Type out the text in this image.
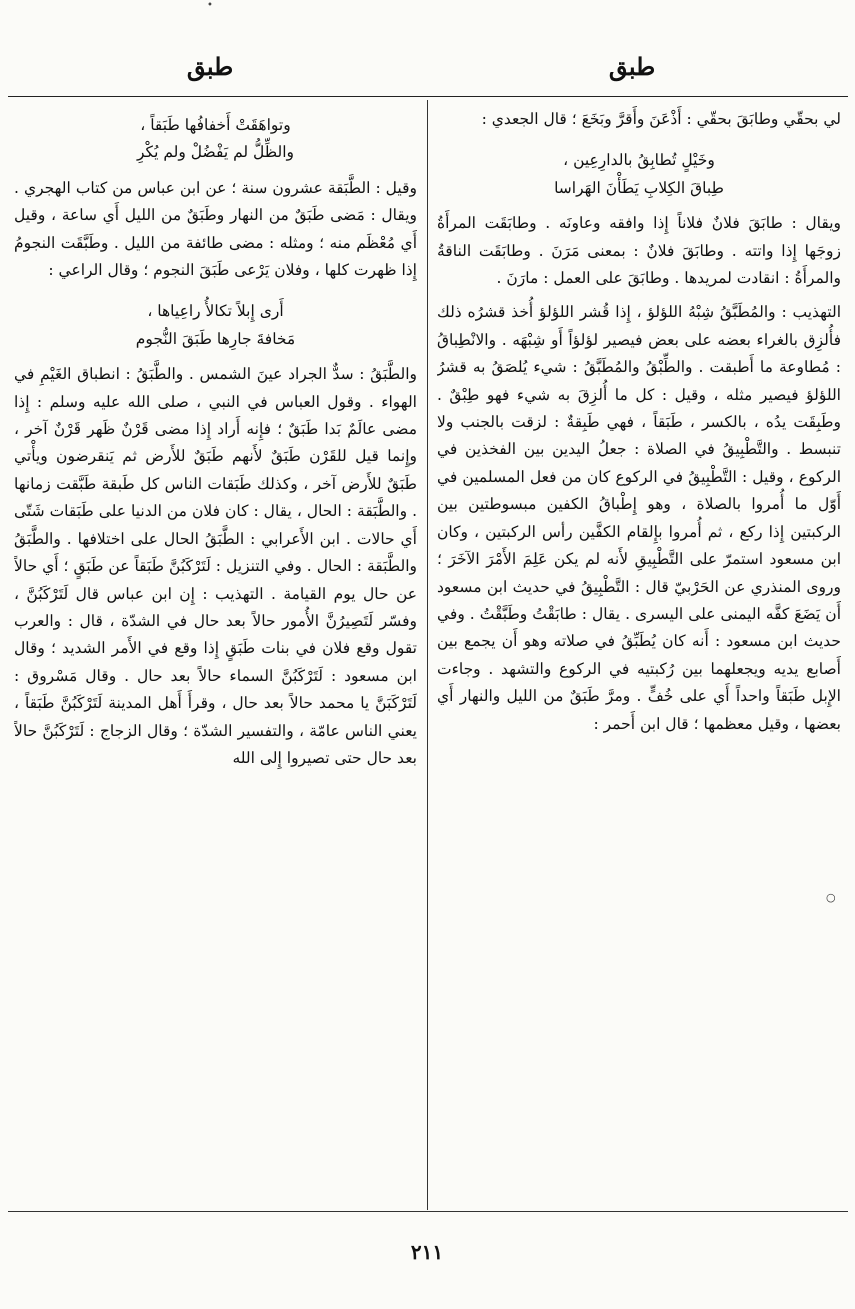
•
طبق
طبق

لي بحقّي وطابَقَ بحقّي : أَذْعَنَ وأَقرَّ وبَخَعَ ؛ قال الجعدي :

وخَيْلٍ تُطابِقُ بالدارِعِين ،
طِباقَ الكِلابِ يَطَأْنَ الهَراسا

ويقال : طابَقَ فلانٌ فلاناً إِذا وافقه وعاونَه . وطابَقَت المرأَةُ زوجَها إِذا واتته . وطابَقَ فلانٌ : بمعنى مَرَنَ . وطابَقَت الناقةُ والمرأَةُ : انقادت لمريدها . وطابَقَ على العمل : مارَنَ .

التهذيب : والمُطَبَّقُ شِبْهُ اللؤلؤ ، إِذا قُشر اللؤلؤ أُخذ قشرُه ذلك فأُلزِق بالغراء بعضه على بعض فيصير لؤلؤاً أَو شِبْهَه . والانْطِباقُ : مُطاوعة ما أَطبقت . والطِّبْقُ والمُطَبَّقُ : شيء يُلصَقُ به قشرُ اللؤلؤ فيصير مثله ، وقيل : كل ما أُلزِقَ به شيء فهو طِبْقٌ . وطَبِقَت يدُه ، بالكسر ، طَبَقاً ، فهي طَبِقةٌ : لزقت بالجنب ولا تنبسط . والتَّطْبِيقُ في الصلاة : جعلُ اليدين بين الفخذين في الركوع ، وقيل : التَّطْبِيقُ في الركوع كان من فعل المسلمين في أَوّل ما أُمروا بالصلاة ، وهو إِطْباقُ الكفين مبسوطتين بين الركبتين إِذا ركع ، ثم أُمروا بإِلقام الكفَّين رأس الركبتين ، وكان ابن مسعود استمرّ على التَّطْبِيقِ لأَنه لم يكن عَلِمَ الأَمْرَ الآخَرَ ؛ وروى المنذري عن الحَرْبيّ قال : التَّطْبِيقُ في حديث ابن مسعود أَن يَضَعَ كفَّه اليمنى على اليسرى . يقال : طابَقْتُ وطَبَّقْتُ . وفي حديث ابن مسعود : أَنه كان يُطَبِّقُ في صلاته وهو أَن يجمع بين أَصابع يديه ويجعلهما بين رُكبتيه في الركوع والتشهد . وجاءت الإِبل طَبَقاً واحداً أَي على خُفٍّ . ومرَّ طَبَقٌ من الليل والنهار أَي بعضها ، وقيل معظمها ؛ قال ابن أَحمر :

وتواهَقَتْ أَخفافُها طَبَقاً ،
والظِّلُّ لم يَفْضُلْ ولم يُكْرِ

وقيل : الطَّبَقة عشرون سنة ؛ عن ابن عباس من كتاب الهجري . ويقال : مَضى طَبَقٌ من النهار وطَبَقٌ من الليل أَي ساعة ، وقيل أَي مُعْظَم منه ؛ ومثله : مضى طائفة من الليل . وطَبَّقَت النجومُ إِذا ظهرت كلها ، وفلان يَرْعى طَبَقَ النجوم ؛ وقال الراعي :

أَرى إِبلاً تكالأُ راعِياها ،
مَخافةَ جارِها طَبَقَ النُّجوم

والطَّبَقُ : سدٌّ الجراد عينَ الشمس . والطَّبَقُ : انطباق الغَيْمِ في الهواء . وقول العباس في النبي ، صلى الله عليه وسلم : إِذا مضى عالَمٌ بَدا طَبَقٌ ؛ فإِنه أَراد إِذا مضى قَرْنٌ ظَهر قَرْنٌ آخر ، وإِنما قيل للقَرْن طَبَقٌ لأَنهم طَبَقٌ للأَرض ثم يَنقرضون ويأْتي طَبَقٌ للأَرض آخر ، وكذلك طَبَقات الناس كل طَبقة طَبَّقت زمانها . والطَّبَقة : الحال ، يقال : كان فلان من الدنيا على طَبَقات شَتّى أَي حالات . ابن الأَعرابي : الطَّبَقُ الحال على اختلافها . والطَّبَقُ والطَّبَقة : الحال . وفي التنزيل : لَتَرْكَبُنَّ طَبَقاً عن طَبَقٍ ؛ أَي حالاً عن حال يوم القيامة . التهذيب : إِن ابن عباس قال لَتَرْكَبُنَّ ، وفسّر لَتَصِيرُنَّ الأُمور حالاً بعد حال في الشدّة ، قال : والعرب تقول وقع فلان في بنات طَبَقٍ إِذا وقع في الأَمر الشديد ؛ وقال ابن مسعود : لَتَرْكَبُنَّ السماء حالاً بعد حال . وقال مَسْروق : لَتَرْكَبَنَّ يا محمد حالاً بعد حال ، وقرأَ أَهل المدينة لَتَرْكَبُنَّ طَبَقاً ، يعني الناس عامّة ، والتفسير الشدّة ؛ وقال الزجاج : لَتَرْكَبُنَّ حالاً بعد حال حتى تصيروا إِلى الله

○
٢١١
